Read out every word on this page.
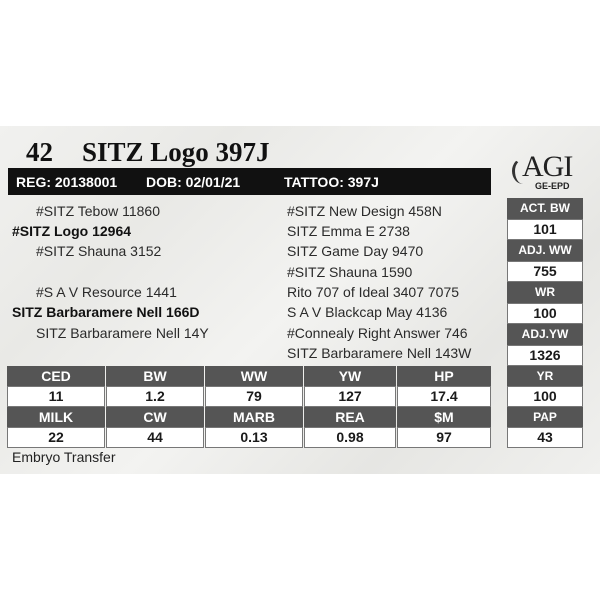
42 SITZ Logo 397J	AGI
GE-EPD
REG: 20138001 DOB: 02/01/21	TATTOO: 397J
#SITZ Tebow 11860
#SITZ Logo 12964
#SITZ Shauna 3152
#S A V Resource 1441
SITZ Barbaramere Nell 166D
SITZ Barbaramere Nell 14Y
#SITZ New Design 458N
SITZ Emma E 2738
SITZ Game Day 9470
#SITZ Shauna 1590
Rito 707 of Ideal 3407 7075
S A V Blackcap May 4136
#Connealy Right Answer 746
SITZ Barbaramere Nell 143W
ACT. BW
101
ADJ. WW
755
WR
100
ADJ.YW
1326
YR
100
PAP
43
CED	BW	WW	YW	HP
11	1.2	79	127	17.4
MILK	CW	MARB	REA	$M
22	44	0.13	0.98	97
Embryo Transfer
